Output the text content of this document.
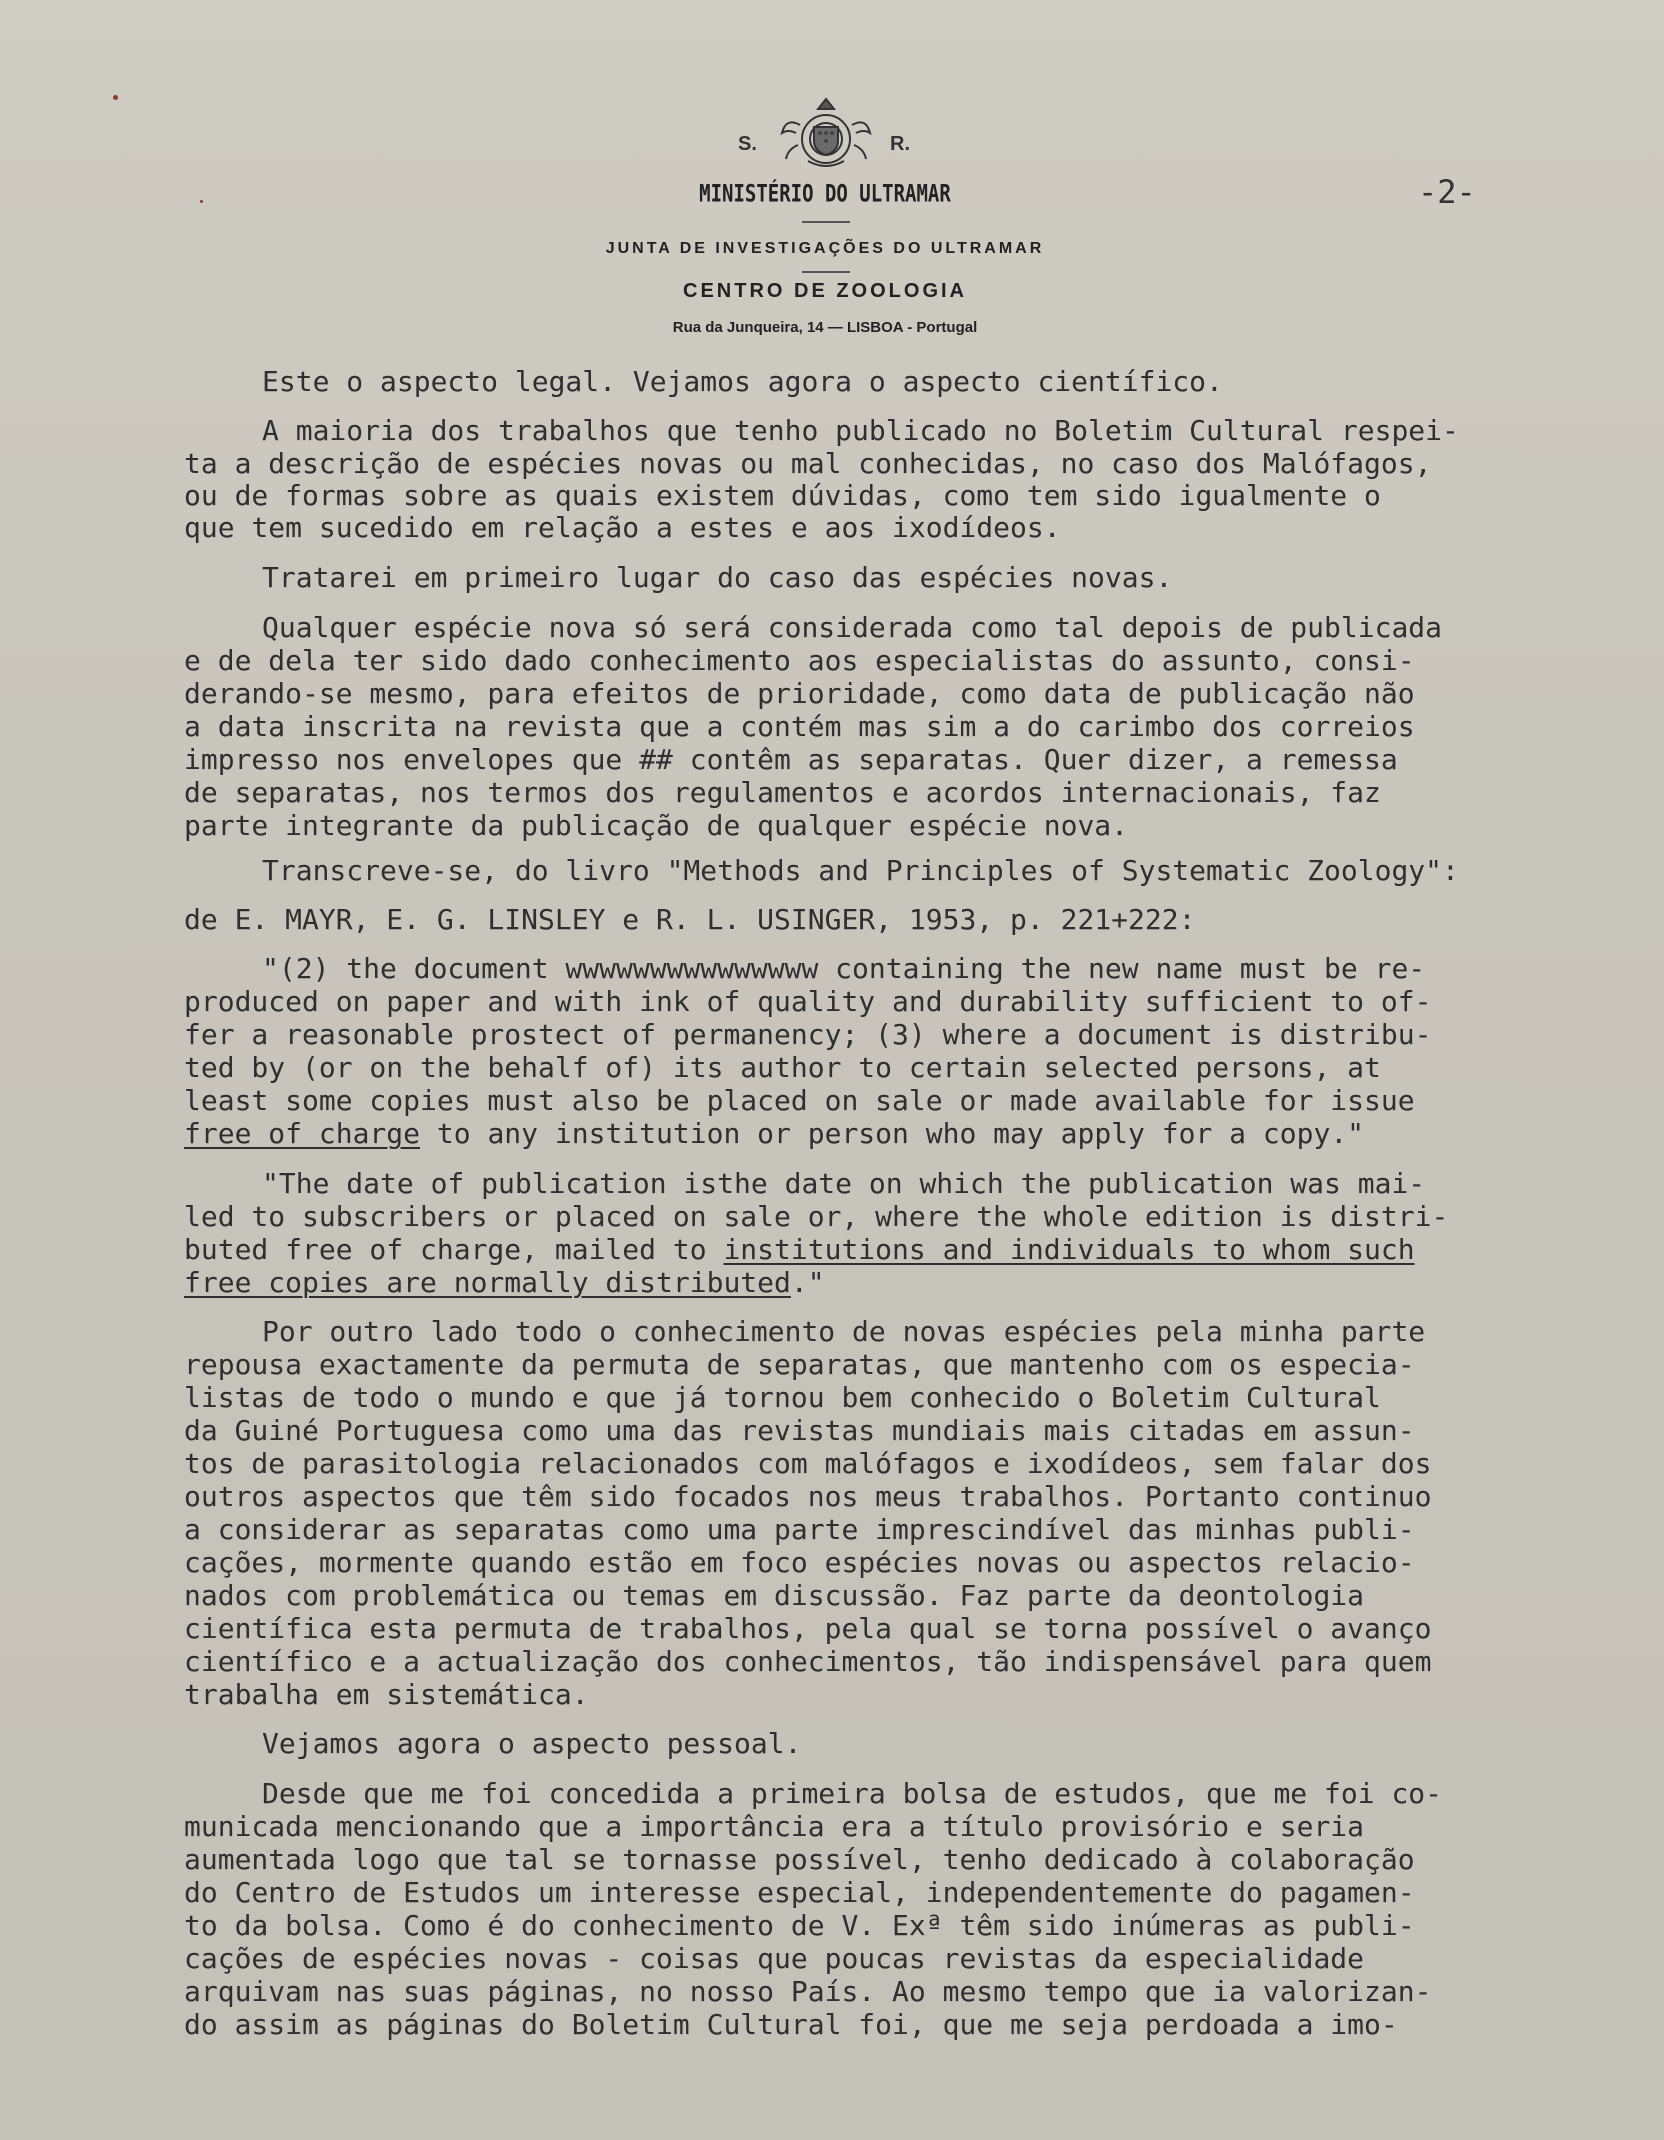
S.	R.
MINISTÉRIO DO ULTRAMAR
JUNTA DE INVESTIGAÇÕES DO ULTRAMAR
CENTRO DE ZOOLOGIA
Rua da Junqueira, 14 — LISBOA - Portugal
-2-
Este o aspecto legal. Vejamos agora o aspecto científico.
A maioria dos trabalhos que tenho publicado no Boletim Cultural respei-
ta a descrição de espécies novas ou mal conhecidas, no caso dos Malófagos,
ou de formas sobre as quais existem dúvidas, como tem sido igualmente o
que tem sucedido em relação a estes e aos ixodídeos.
Tratarei em primeiro lugar do caso das espécies novas.
Qualquer espécie nova só será considerada como tal depois de publicada
e de dela ter sido dado conhecimento aos especialistas do assunto, consi-
derando-se mesmo, para efeitos de prioridade, como data de publicação não
a data inscrita na revista que a contém mas sim a do carimbo dos correios
impresso nos envelopes que ## contêm as separatas. Quer dizer, a remessa
de separatas, nos termos dos regulamentos e acordos internacionais, faz
parte integrante da publicação de qualquer espécie nova.
Transcreve-se, do livro "Methods and Principles of Systematic Zoology":
de E. MAYR, E. G. LINSLEY e R. L. USINGER, 1953, p. 221+222:
"(2) the document wwwwwwwwwwwwwww containing the new name must be re-
produced on paper and with ink of quality and durability sufficient to of-
fer a reasonable prostect of permanency; (3) where a document is distribu-
ted by (or on the behalf of) its author to certain selected persons, at
least some copies must also be placed on sale or made available for issue
free of charge to any institution or person who may apply for a copy."
"The date of publication isthe date on which the publication was mai-
led to subscribers or placed on sale or, where the whole edition is distri-
buted free of charge, mailed to institutions and individuals to whom such
free copies are normally distributed."
Por outro lado todo o conhecimento de novas espécies pela minha parte
repousa exactamente da permuta de separatas, que mantenho com os especia-
listas de todo o mundo e que já tornou bem conhecido o Boletim Cultural
da Guiné Portuguesa como uma das revistas mundiais mais citadas em assun-
tos de parasitologia relacionados com malófagos e ixodídeos, sem falar dos
outros aspectos que têm sido focados nos meus trabalhos. Portanto continuo
a considerar as separatas como uma parte imprescindível das minhas publi-
cações, mormente quando estão em foco espécies novas ou aspectos relacio-
nados com problemática ou temas em discussão. Faz parte da deontologia
científica esta permuta de trabalhos, pela qual se torna possível o avanço
científico e a actualização dos conhecimentos, tão indispensável para quem
trabalha em sistemática.
Vejamos agora o aspecto pessoal.
Desde que me foi concedida a primeira bolsa de estudos, que me foi co-
municada mencionando que a importância era a título provisório e seria
aumentada logo que tal se tornasse possível, tenho dedicado à colaboração
do Centro de Estudos um interesse especial, independentemente do pagamen-
to da bolsa. Como é do conhecimento de V. Exª têm sido inúmeras as publi-
cações de espécies novas - coisas que poucas revistas da especialidade
arquivam nas suas páginas, no nosso País. Ao mesmo tempo que ia valorizan-
do assim as páginas do Boletim Cultural foi, que me seja perdoada a imo-
